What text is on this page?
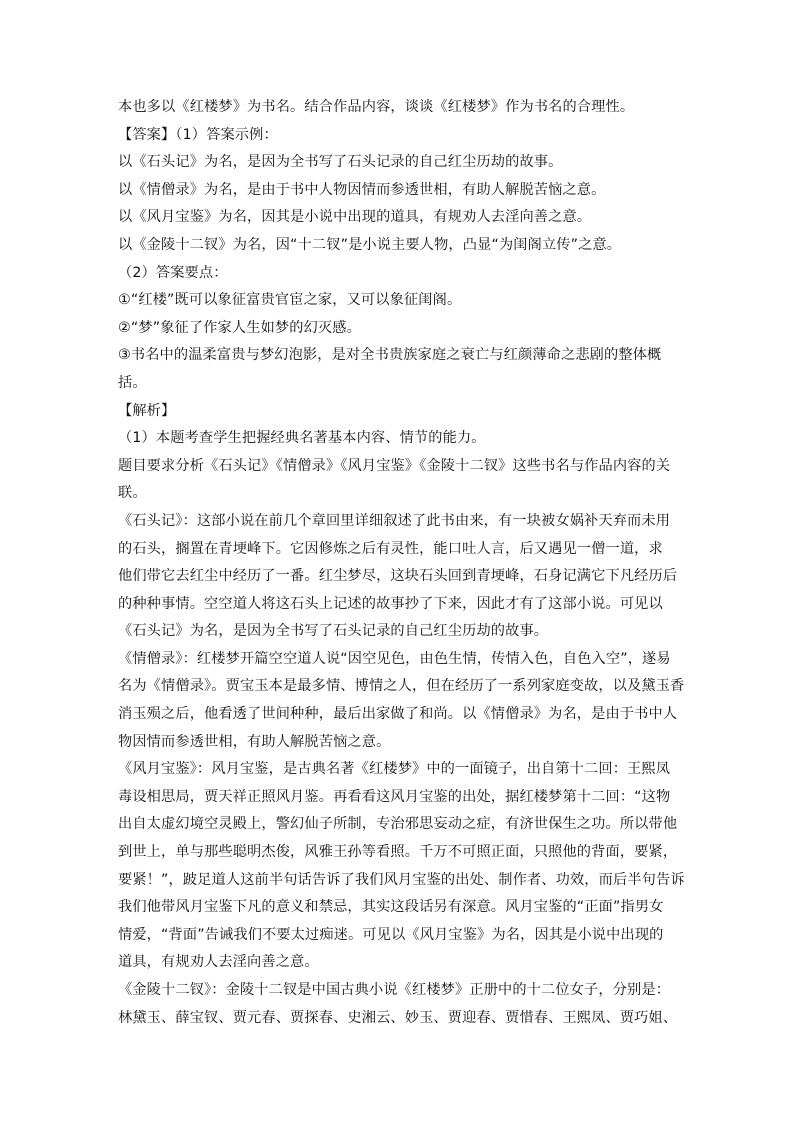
本也多以《红楼梦》为书名。结合作品内容，谈谈《红楼梦》作为书名的合理性。
【答案】（1）答案示例：
以《石头记》为名，是因为全书写了石头记录的自己红尘历劫的故事。
以《情僧录》为名，是由于书中人物因情而参透世相，有助人解脱苦恼之意。
以《风月宝鉴》为名，因其是小说中出现的道具，有规劝人去淫向善之意。
以《金陵十二钗》为名，因“十二钗”是小说主要人物，凸显“为闺阁立传”之意。
（2）答案要点：
①“红楼”既可以象征富贵官宦之家，又可以象征闺阁。
②“梦”象征了作家人生如梦的幻灭感。
③书名中的温柔富贵与梦幻泡影，是对全书贵族家庭之衰亡与红颜薄命之悲剧的整体概
括。
【解析】
（1）本题考查学生把握经典名著基本内容、情节的能力。
题目要求分析《石头记》《情僧录》《风月宝鉴》《金陵十二钗》这些书名与作品内容的关
联。
《石头记》：这部小说在前几个章回里详细叙述了此书由来，有一块被女娲补天弃而未用
的石头，搁置在青埂峰下。它因修炼之后有灵性，能口吐人言，后又遇见一僧一道，求
他们带它去红尘中经历了一番。红尘梦尽，这块石头回到青埂峰，石身记满它下凡经历后
的种种事情。空空道人将这石头上记述的故事抄了下来，因此才有了这部小说。可见以
《石头记》为名，是因为全书写了石头记录的自己红尘历劫的故事。
《情僧录》：红楼梦开篇空空道人说“因空见色，由色生情，传情入色，自色入空”，遂易
名为《情僧录》。贾宝玉本是最多情、博情之人，但在经历了一系列家庭变故，以及黛玉香
消玉殒之后，他看透了世间种种，最后出家做了和尚。以《情僧录》为名，是由于书中人
物因情而参透世相，有助人解脱苦恼之意。
《风月宝鉴》：风月宝鉴，是古典名著《红楼梦》中的一面镜子，出自第十二回：王熙凤
毒设相思局，贾天祥正照风月鉴。再看看这风月宝鉴的出处，据红楼梦第十二回：“这物
出自太虚幻境空灵殿上，警幻仙子所制，专治邪思妄动之症，有济世保生之功。所以带他
到世上，单与那些聪明杰俊，风雅王孙等看照。千万不可照正面，只照他的背面，要紧，
要紧！”，跛足道人这前半句话告诉了我们风月宝鉴的出处、制作者、功效，而后半句告诉
我们他带风月宝鉴下凡的意义和禁忌，其实这段话另有深意。风月宝鉴的“正面”指男女
情爱，“背面”告诫我们不要太过痴迷。可见以《风月宝鉴》为名，因其是小说中出现的
道具，有规劝人去淫向善之意。
《金陵十二钗》：金陵十二钗是中国古典小说《红楼梦》正册中的十二位女子，分别是：
林黛玉、薛宝钗、贾元春、贾探春、史湘云、妙玉、贾迎春、贾惜春、王熙凤、贾巧姐、
